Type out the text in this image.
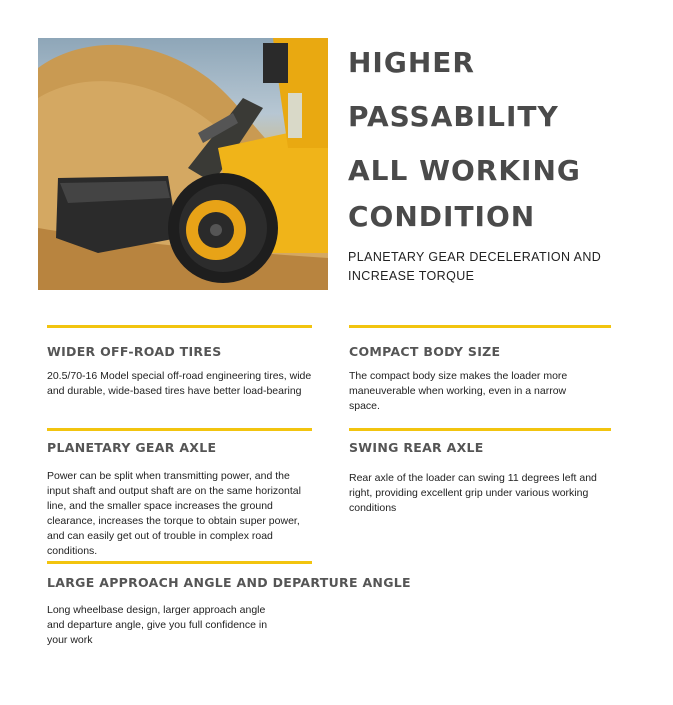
HIGHER
PASSABILITY
ALL WORKING
CONDITION

PLANETARY GEAR DECELERATION AND INCREASE TORQUE

WIDER OFF-ROAD TIRES

20.5/70-16 Model special off-road engineering tires, wide and durable, wide-based tires have better load-bearing

COMPACT BODY SIZE

The compact body size makes the loader more maneuverable when working, even in a narrow space.

PLANETARY GEAR AXLE

Power can be split when transmitting power, and the input shaft and output shaft are on the same horizontal line, and the smaller space increases the ground clearance, increases the torque to obtain super power, and can easily get out of trouble in complex road conditions.

SWING REAR AXLE

Rear axle of the loader can swing 11 degrees left and right, providing excellent grip under various working conditions

LARGE APPROACH ANGLE AND DEPARTURE ANGLE

Long wheelbase design, larger approach angle and departure angle, give you full confidence in your work
